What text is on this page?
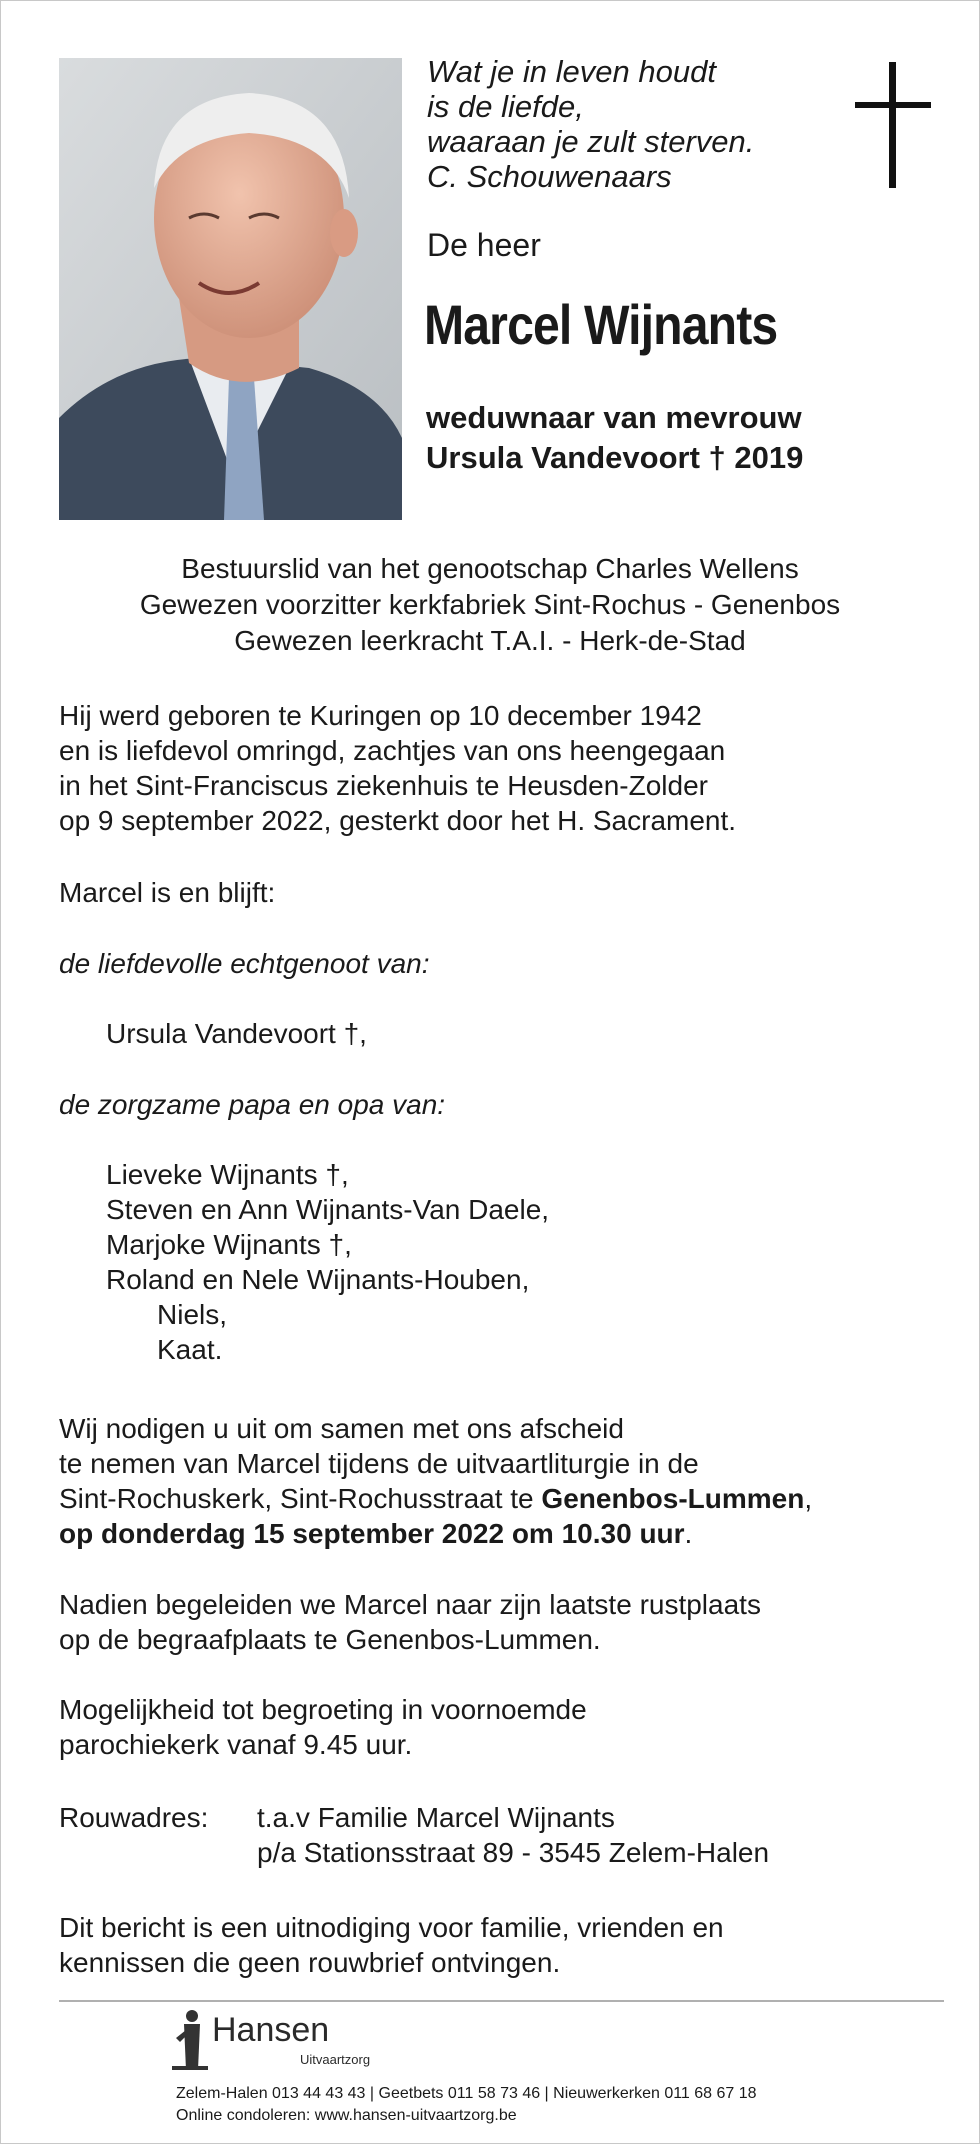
Wat je in leven houdt
is de liefde,
waaraan je zult sterven.
C. Schouwenaars
De heer
Marcel Wijnants
weduwnaar van mevrouw
Ursula Vandevoort † 2019
Bestuurslid van het genootschap Charles Wellens
Gewezen voorzitter kerkfabriek Sint-Rochus - Genenbos
Gewezen leerkracht T.A.I. - Herk-de-Stad
Hij werd geboren te Kuringen op 10 december 1942
en is liefdevol omringd, zachtjes van ons heengegaan
in het Sint-Franciscus ziekenhuis te Heusden-Zolder
op 9 september 2022, gesterkt door het H. Sacrament.
Marcel is en blijft:
de liefdevolle echtgenoot van:
Ursula Vandevoort †,
de zorgzame papa en opa van:
Lieveke Wijnants †,
Steven en Ann Wijnants-Van Daele,
Marjoke Wijnants †,
Roland en Nele Wijnants-Houben,
Niels,
Kaat.
Wij nodigen u uit om samen met ons afscheid
te nemen van Marcel tijdens de uitvaartliturgie in de
Sint-Rochuskerk, Sint-Rochusstraat te Genenbos-Lummen,
op donderdag 15 september 2022 om 10.30 uur.
Nadien begeleiden we Marcel naar zijn laatste rustplaats
op de begraafplaats te Genenbos-Lummen.
Mogelijkheid tot begroeting in voornoemde
parochiekerk vanaf 9.45 uur.
Rouwadres: t.a.v Familie Marcel Wijnants
p/a Stationsstraat 89 - 3545 Zelem-Halen
Dit bericht is een uitnodiging voor familie, vrienden en
kennissen die geen rouwbrief ontvingen.
Hansen
Uitvaartzorg
Zelem-Halen 013 44 43 43 | Geetbets 011 58 73 46 | Nieuwerkerken 011 68 67 18
Online condoleren: www.hansen-uitvaartzorg.be
